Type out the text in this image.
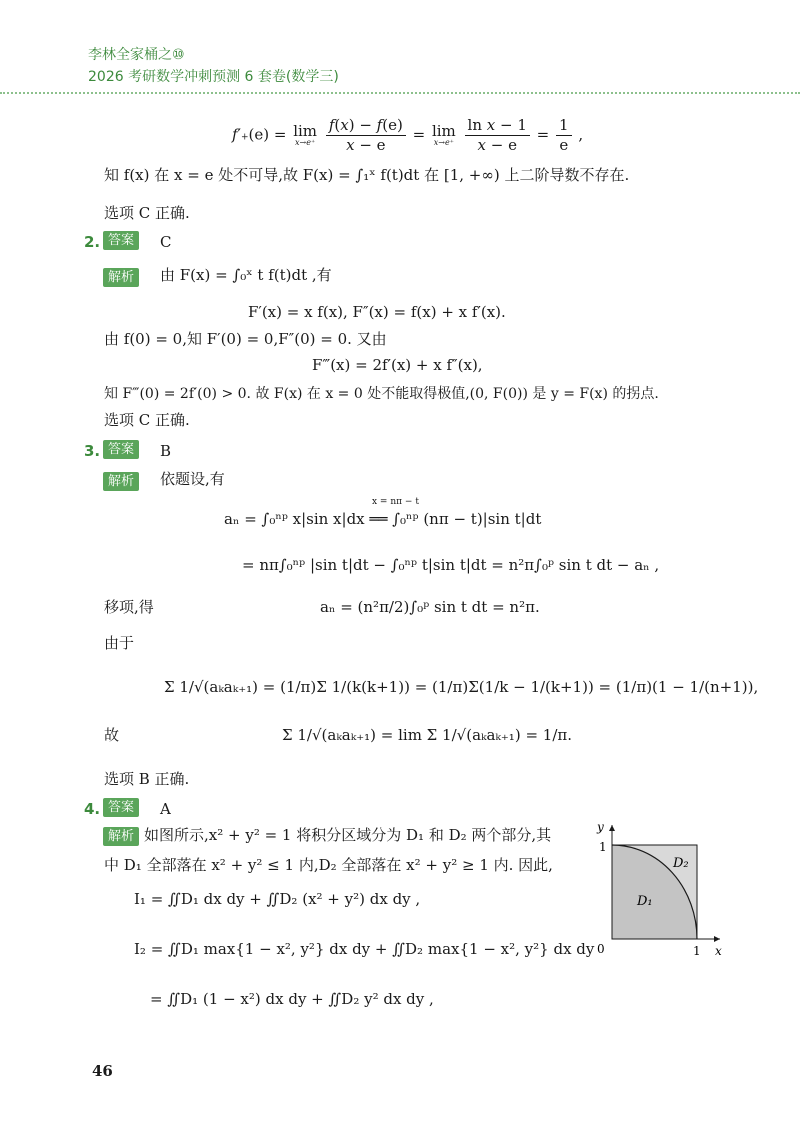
李林全家桶之⑩
2026 考研数学冲刺预测 6 套卷(数学三)
f′+(e) = lim
x→e⁺
$\frac{f(x) - f(e)}{x - e} = \lim$
x→e⁺
$\frac{\text{ln x − 1}}{x - e} = \frac{1}{e}$ ,
知 f(x) 在 x = e 处不可导,故 F(x) = ∫₁ˣ f(t)dt 在 [1, +∞) 上二阶导数不存在.
选项 C 正确.
2. 答案	C
解析	由 F(x) = ∫₀ˣ t f(t)dt ,有
F′(x) = x f(x), F″(x) = f(x) + x f′(x).
由 f(0) = 0,知 F′(0) = 0,F″(0) = 0. 又由
F‴(x) = 2f′(x) + x f″(x),
知 F‴(0) = 2f′(0) > 0. 故 F(x) 在 x = 0 处不能取得极值,(0, F(0)) 是 y = F(x) 的拐点.
选项 C 正确.
3. 答案	B
解析	依题设,有
x = nπ − t
aₙ = ∫₀ⁿᵖ x|sin x|dx ══ ∫₀ⁿᵖ (nπ − t)|sin t|dt
= nπ∫₀ⁿᵖ |sin t|dt − ∫₀ⁿᵖ t|sin t|dt = n²π∫₀ᵖ sin t dt − aₙ ,
移项,得	aₙ = (n²π/2)∫₀ᵖ sin t dt = n²π.
由于
Σ 1/√(aₖaₖ₊₁) = (1/π)Σ 1/(k(k+1)) = (1/π)Σ(1/k − 1/(k+1)) = (1/π)(1 − 1/(n+1)),
故	Σ 1/√(aₖaₖ₊₁) = lim Σ 1/√(aₖaₖ₊₁) = 1/π.
选项 B 正确.
4. 答案	A
解析 如图所示,x² + y² = 1 将积分区域分为 D₁ 和 D₂ 两个部分,其
中 D₁ 全部落在 x² + y² ≤ 1 内,D₂ 全部落在 x² + y² ≥ 1 内. 因此,
I₁ = ∬D₁ dx dy + ∬D₂ (x² + y²) dx dy ,
I₂ = ∬D₁ max{1 − x², y²} dx dy + ∬D₂ max{1 − x², y²} dx dy
= ∬D₁ (1 − x²) dx dy + ∬D₂ y² dx dy ,
y
x
0	1
1
D₁
D₂
46
